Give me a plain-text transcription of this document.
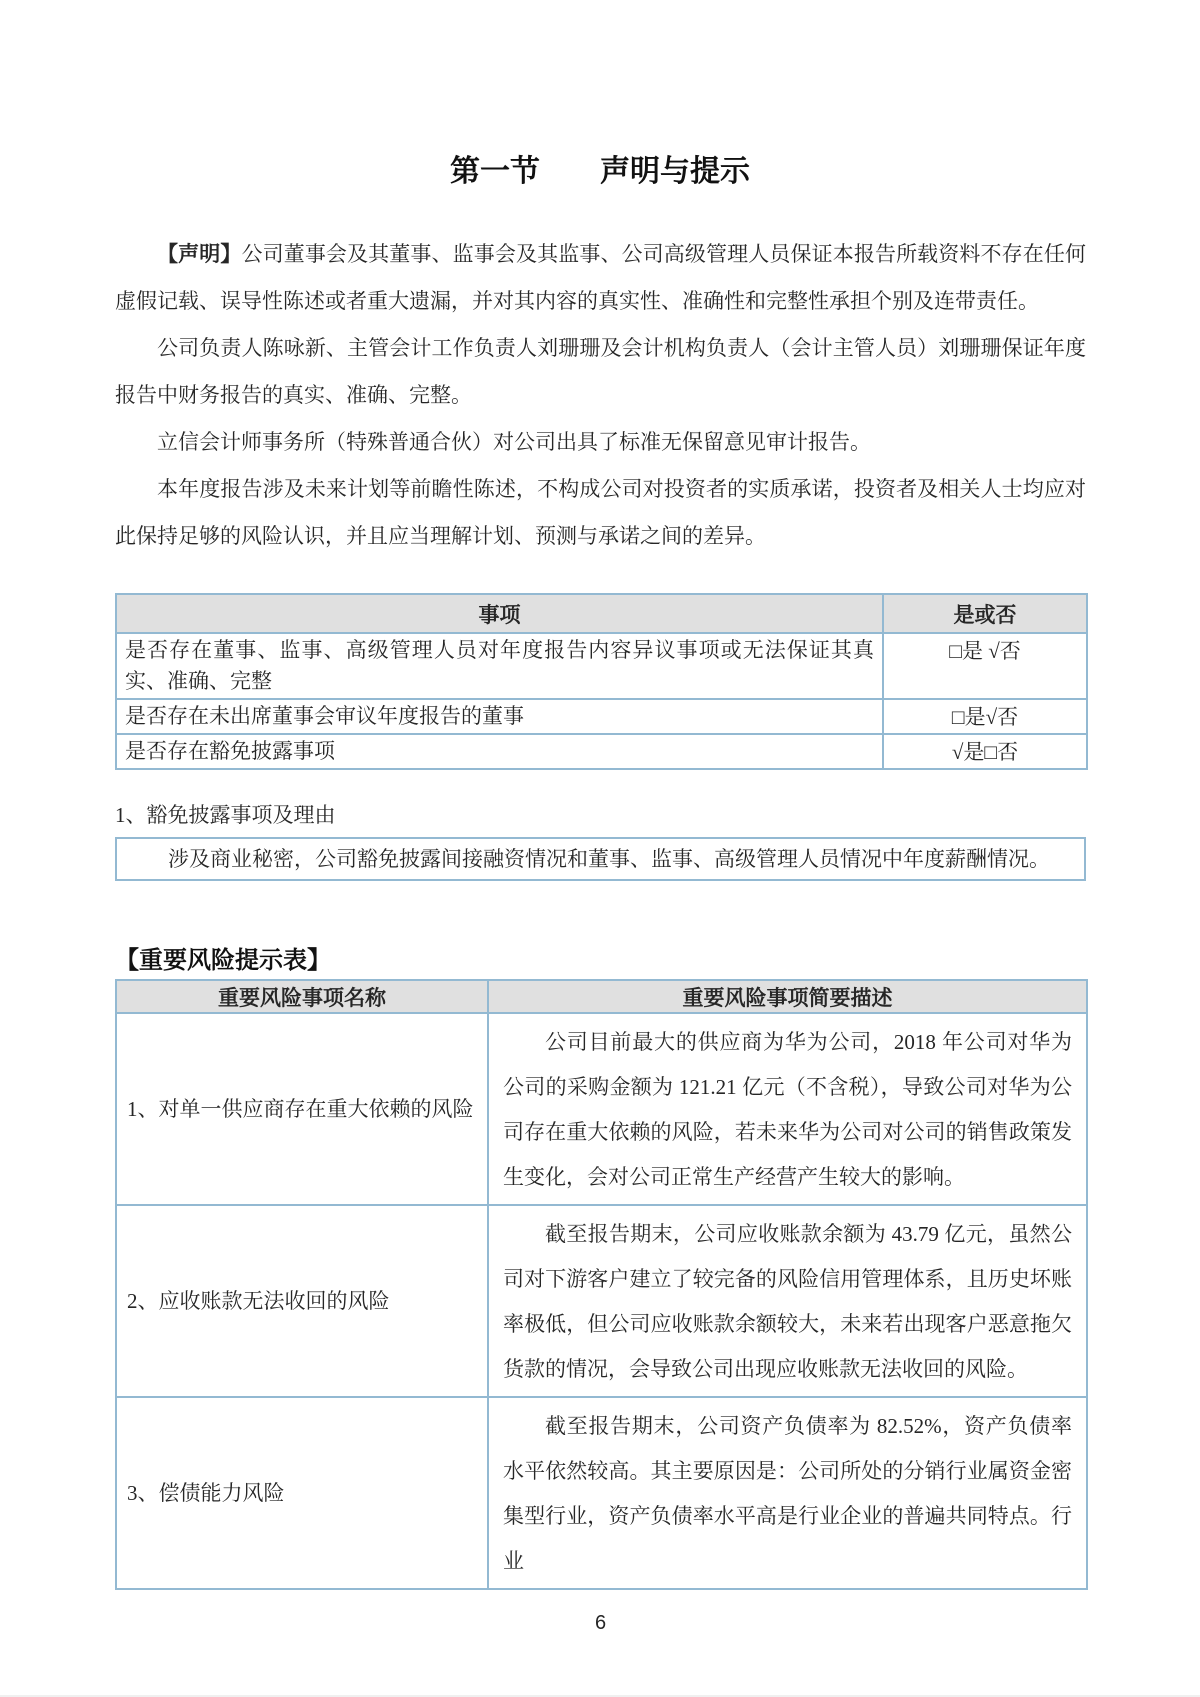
第一节　　声明与提示

【声明】公司董事会及其董事、监事会及其监事、公司高级管理人员保证本报告所载资料不存在任何虚假记载、误导性陈述或者重大遗漏，并对其内容的真实性、准确性和完整性承担个别及连带责任。

公司负责人陈咏新、主管会计工作负责人刘珊珊及会计机构负责人（会计主管人员）刘珊珊保证年度报告中财务报告的真实、准确、完整。

立信会计师事务所（特殊普通合伙）对公司出具了标准无保留意见审计报告。

本年度报告涉及未来计划等前瞻性陈述，不构成公司对投资者的实质承诺，投资者及相关人士均应对此保持足够的风险认识，并且应当理解计划、预测与承诺之间的差异。

事项	是或否
是否存在董事、监事、高级管理人员对年度报告内容异议事项或无法保证其真实、准确、完整	□是 √否
是否存在未出席董事会审议年度报告的董事	□是√否
是否存在豁免披露事项	√是□否
1、豁免披露事项及理由
涉及商业秘密，公司豁免披露间接融资情况和董事、监事、高级管理人员情况中年度薪酬情况。
【重要风险提示表】
重要风险事项名称	重要风险事项简要描述
1、对单一供应商存在重大依赖的风险	公司目前最大的供应商为华为公司，2018 年公司对华为公司的采购金额为 121.21 亿元（不含税），导致公司对华为公司存在重大依赖的风险，若未来华为公司对公司的销售政策发生变化，会对公司正常生产经营产生较大的影响。
2、应收账款无法收回的风险	截至报告期末，公司应收账款余额为 43.79 亿元，虽然公司对下游客户建立了较完备的风险信用管理体系，且历史坏账率极低，但公司应收账款余额较大，未来若出现客户恶意拖欠货款的情况，会导致公司出现应收账款无法收回的风险。
3、偿债能力风险	截至报告期末，公司资产负债率为 82.52%，资产负债率水平依然较高。其主要原因是：公司所处的分销行业属资金密集型行业，资产负债率水平高是行业企业的普遍共同特点。行业
6
